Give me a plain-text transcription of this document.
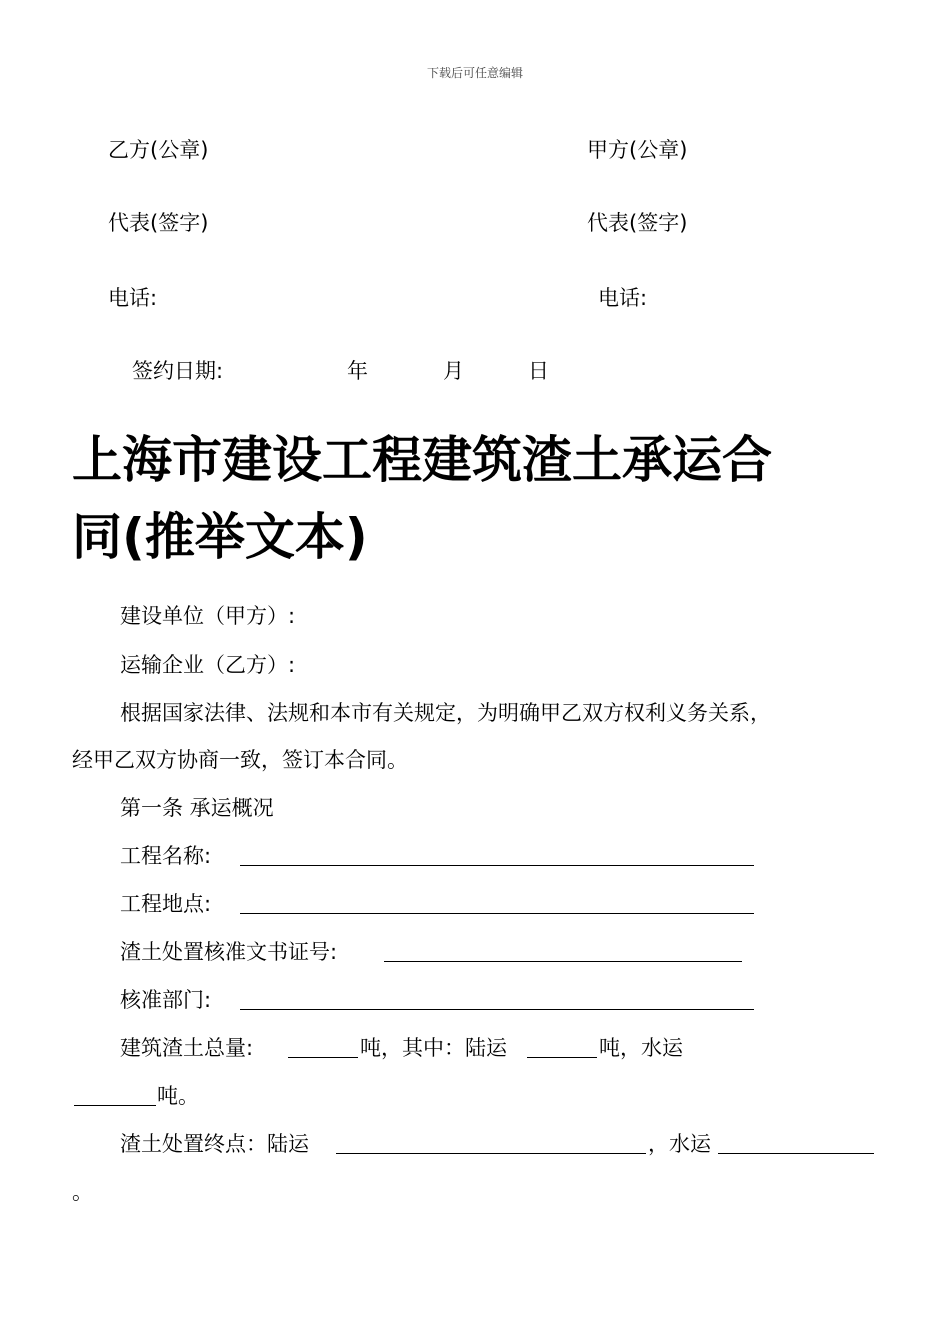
下载后可任意编辑
乙方(公章)	甲方(公章)
代表(签字)	代表(签字)
电话:	电话:
签约日期:	年	月	日
上海市建设工程建筑渣土承运合
同(推举文本)
建设单位（甲方）:
运输企业（乙方）:
根据国家法律、法规和本市有关规定，为明确甲乙双方权利义务关系，
经甲乙双方协商一致，签订本合同。
第一条 承运概况
工程名称:
工程地点:
渣土处置核准文书证号:
核准部门:
建筑渣土总量:	吨，其中：陆运	吨，水运
吨。
渣土处置终点：陆运	，水运
。
